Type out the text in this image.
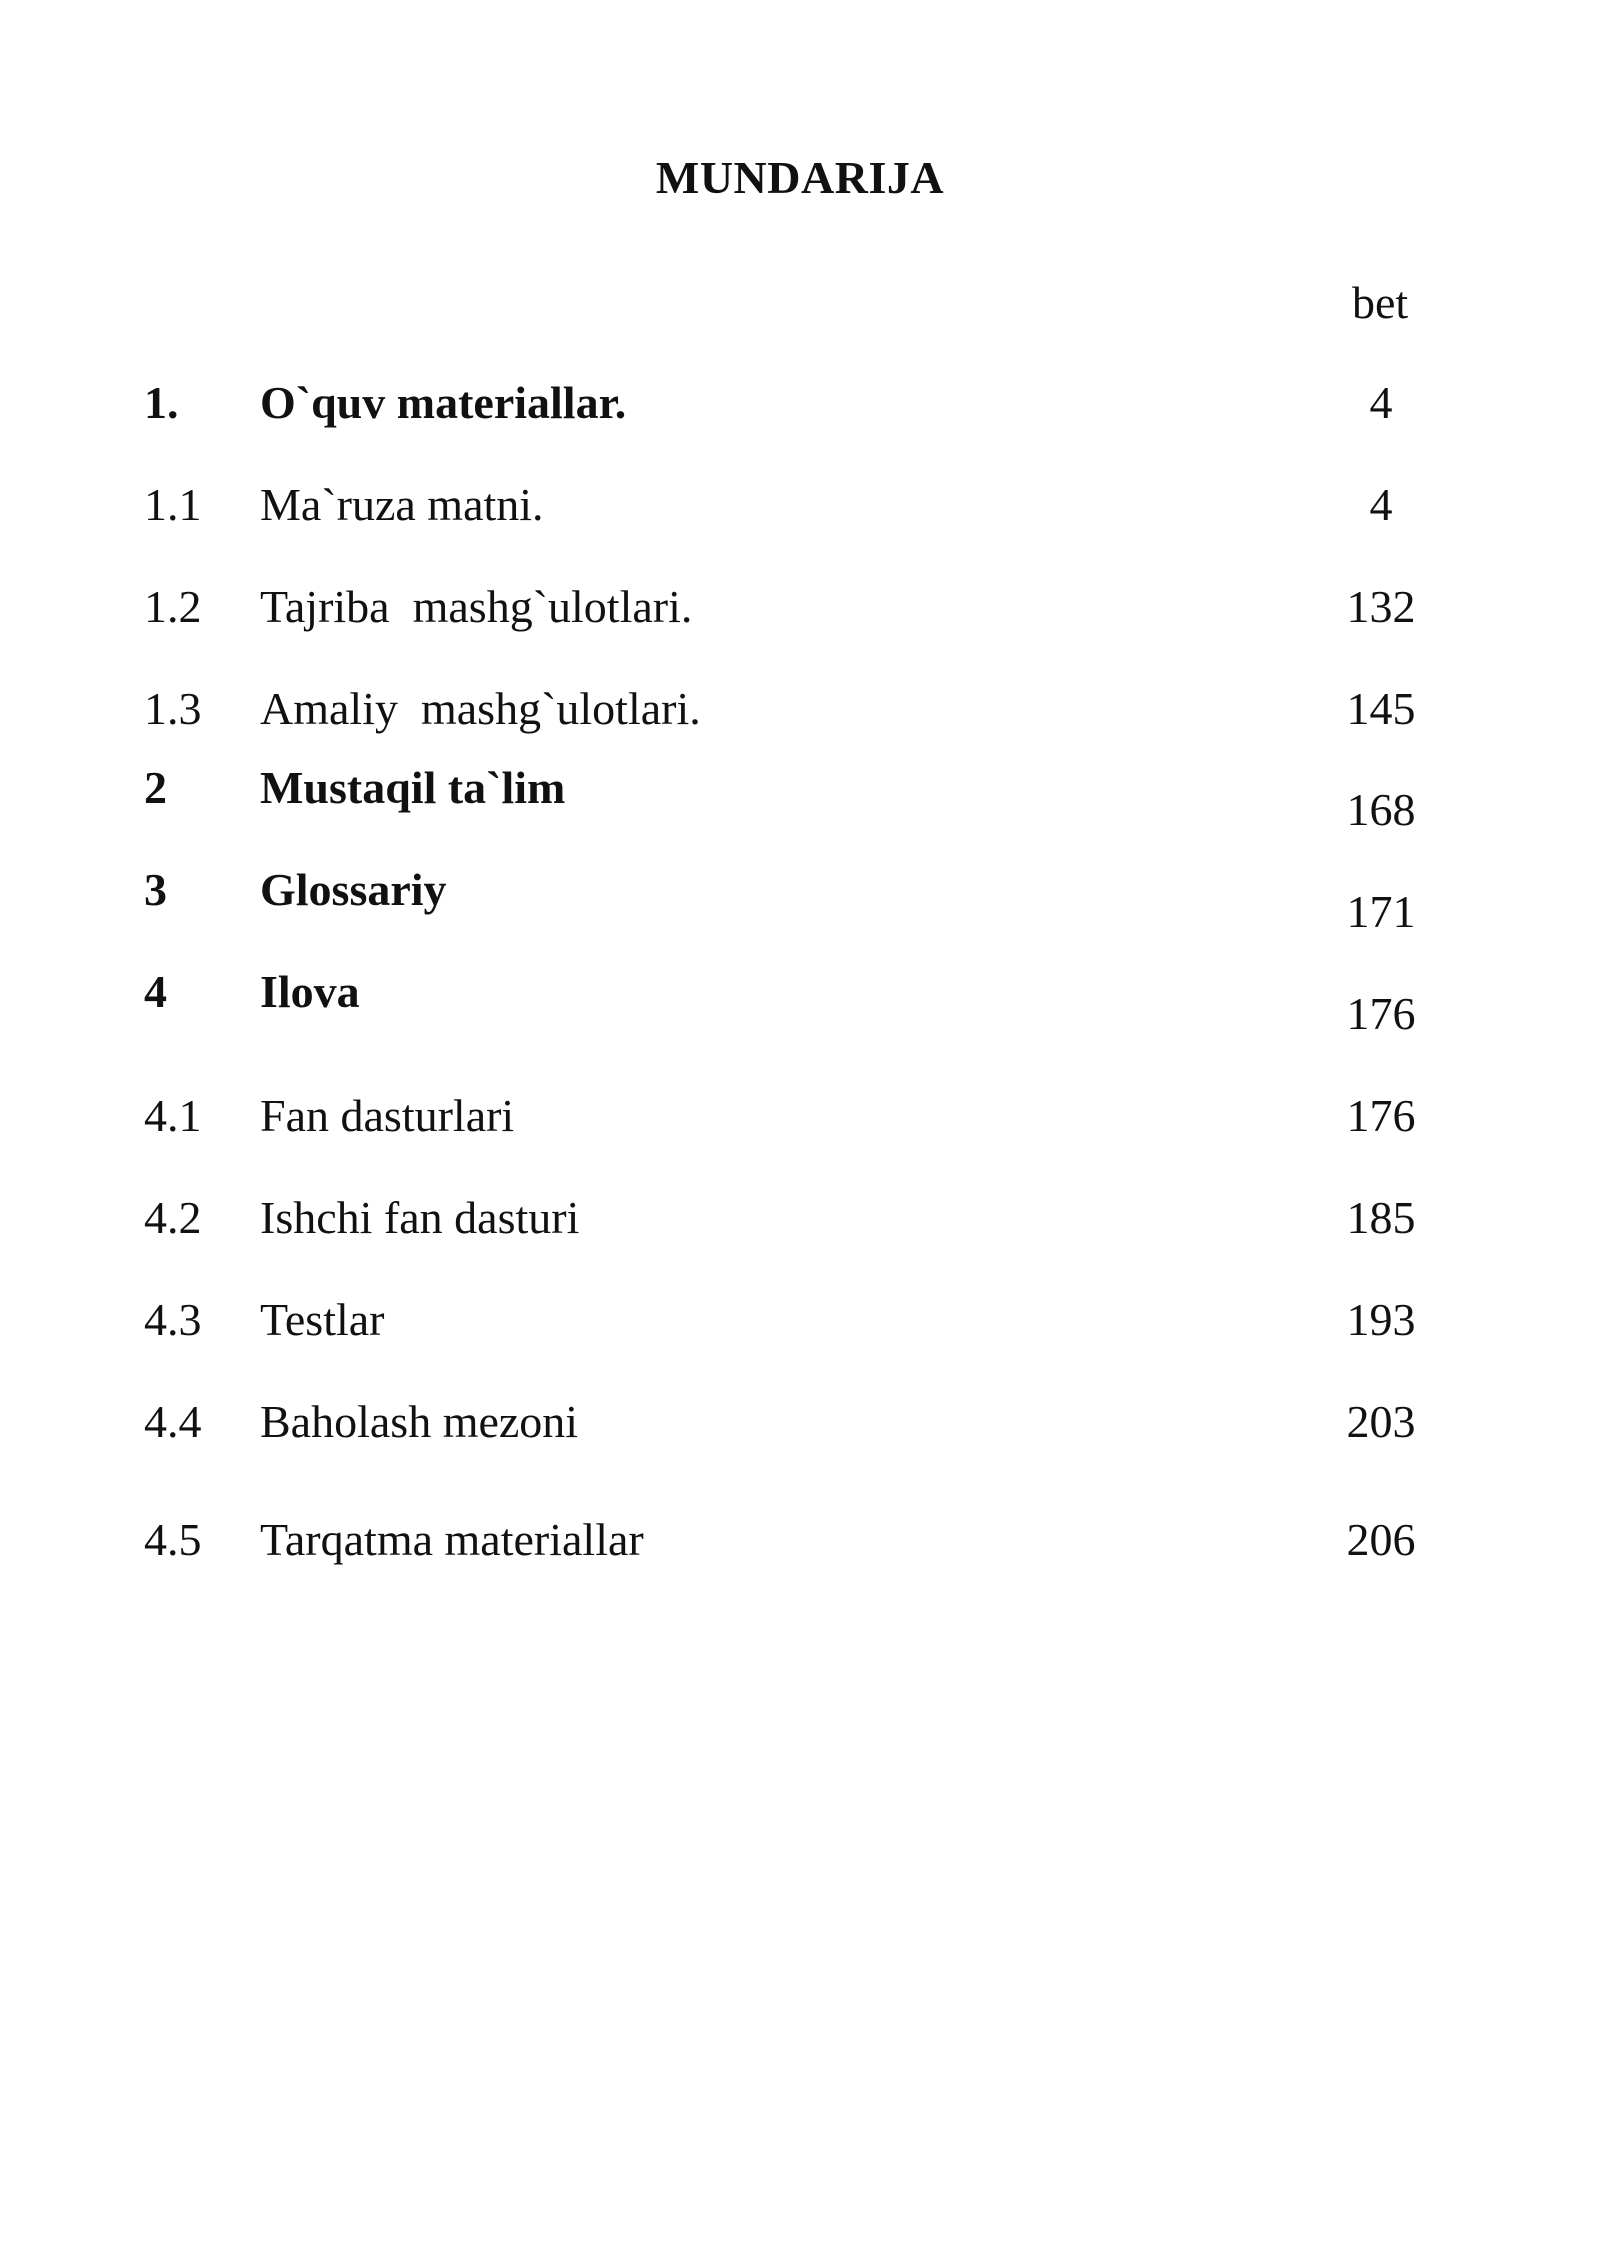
MUNDARIJA
bet
1. O`quv materiallar.	4
1.1 Ma`ruza matni.	4
1.2 Tajriba  mashg`ulotlari.	132
1.3 Amaliy  mashg`ulotlari.	145
2 Mustaqil ta`lim	168
3 Glossariy	171
4 Ilova	176
4.1 Fan dasturlari	176
4.2 Ishchi fan dasturi	185
4.3 Testlar	193
4.4 Baholash mezoni	203
4.5 Tarqatma materiallar	206
